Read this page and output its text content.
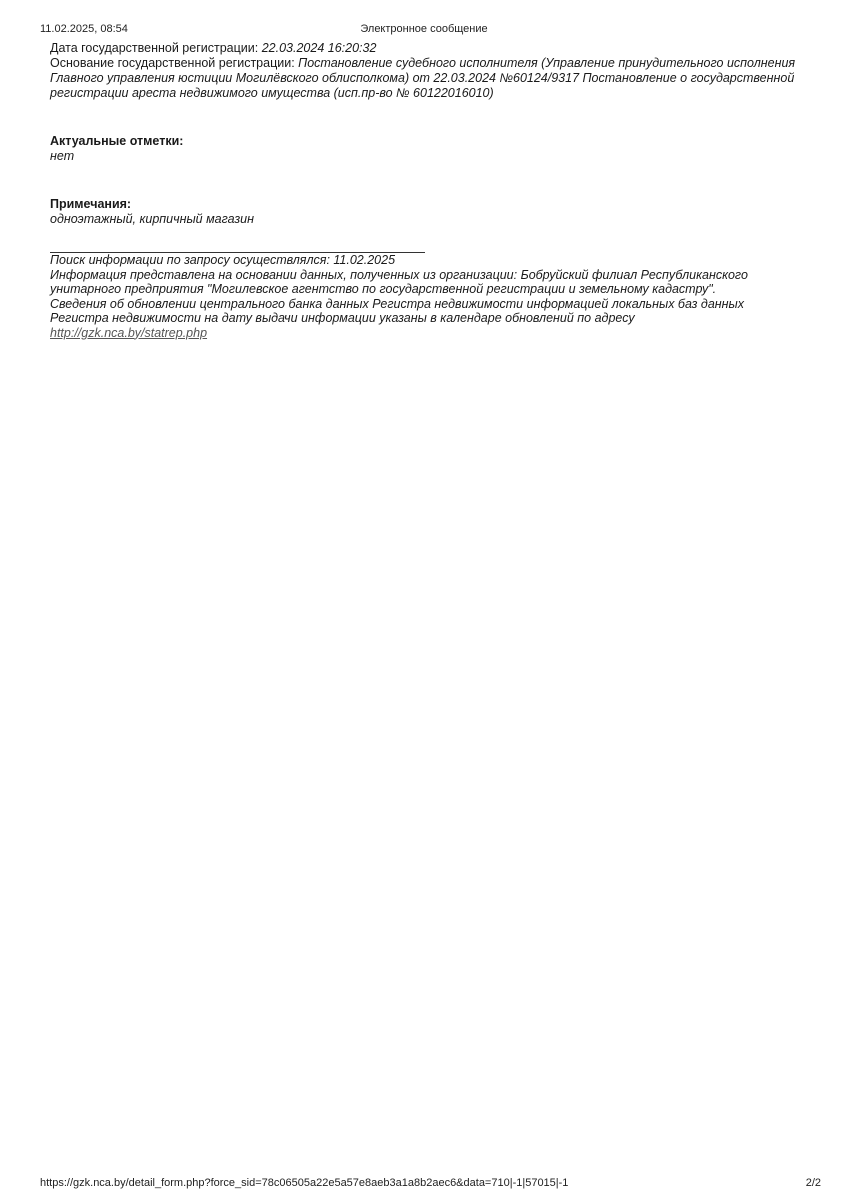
11.02.2025, 08:54	Электронное сообщение

Дата государственной регистрации: 22.03.2024 16:20:32

Основание государственной регистрации: Постановление судебного исполнителя (Управление принудительного исполнения Главного управления юстиции Могилёвского облисполкома) от 22.03.2024 №60124/9317 Постановление о государственной регистрации ареста недвижимого имущества (исп.пр-во № 60122016010)

Актуальные отметки:

нет

Примечания:

одноэтажный, кирпичный магазин

Поиск информации по запросу осуществлялся: 11.02.2025

Информация представлена на основании данных, полученных из организации: Бобруйский филиал Республиканского унитарного предприятия "Могилевское агентство по государственной регистрации и земельному кадастру".

Сведения об обновлении центрального банка данных Регистра недвижимости информацией локальных баз данных Регистра недвижимости на дату выдачи информации указаны в календаре обновлений по адресу

http://gzk.nca.by/statrep.php

https://gzk.nca.by/detail_form.php?force_sid=78c06505a22e5a57e8aeb3a1a8b2aec6&data=710|-1|57015|-1	2/2
